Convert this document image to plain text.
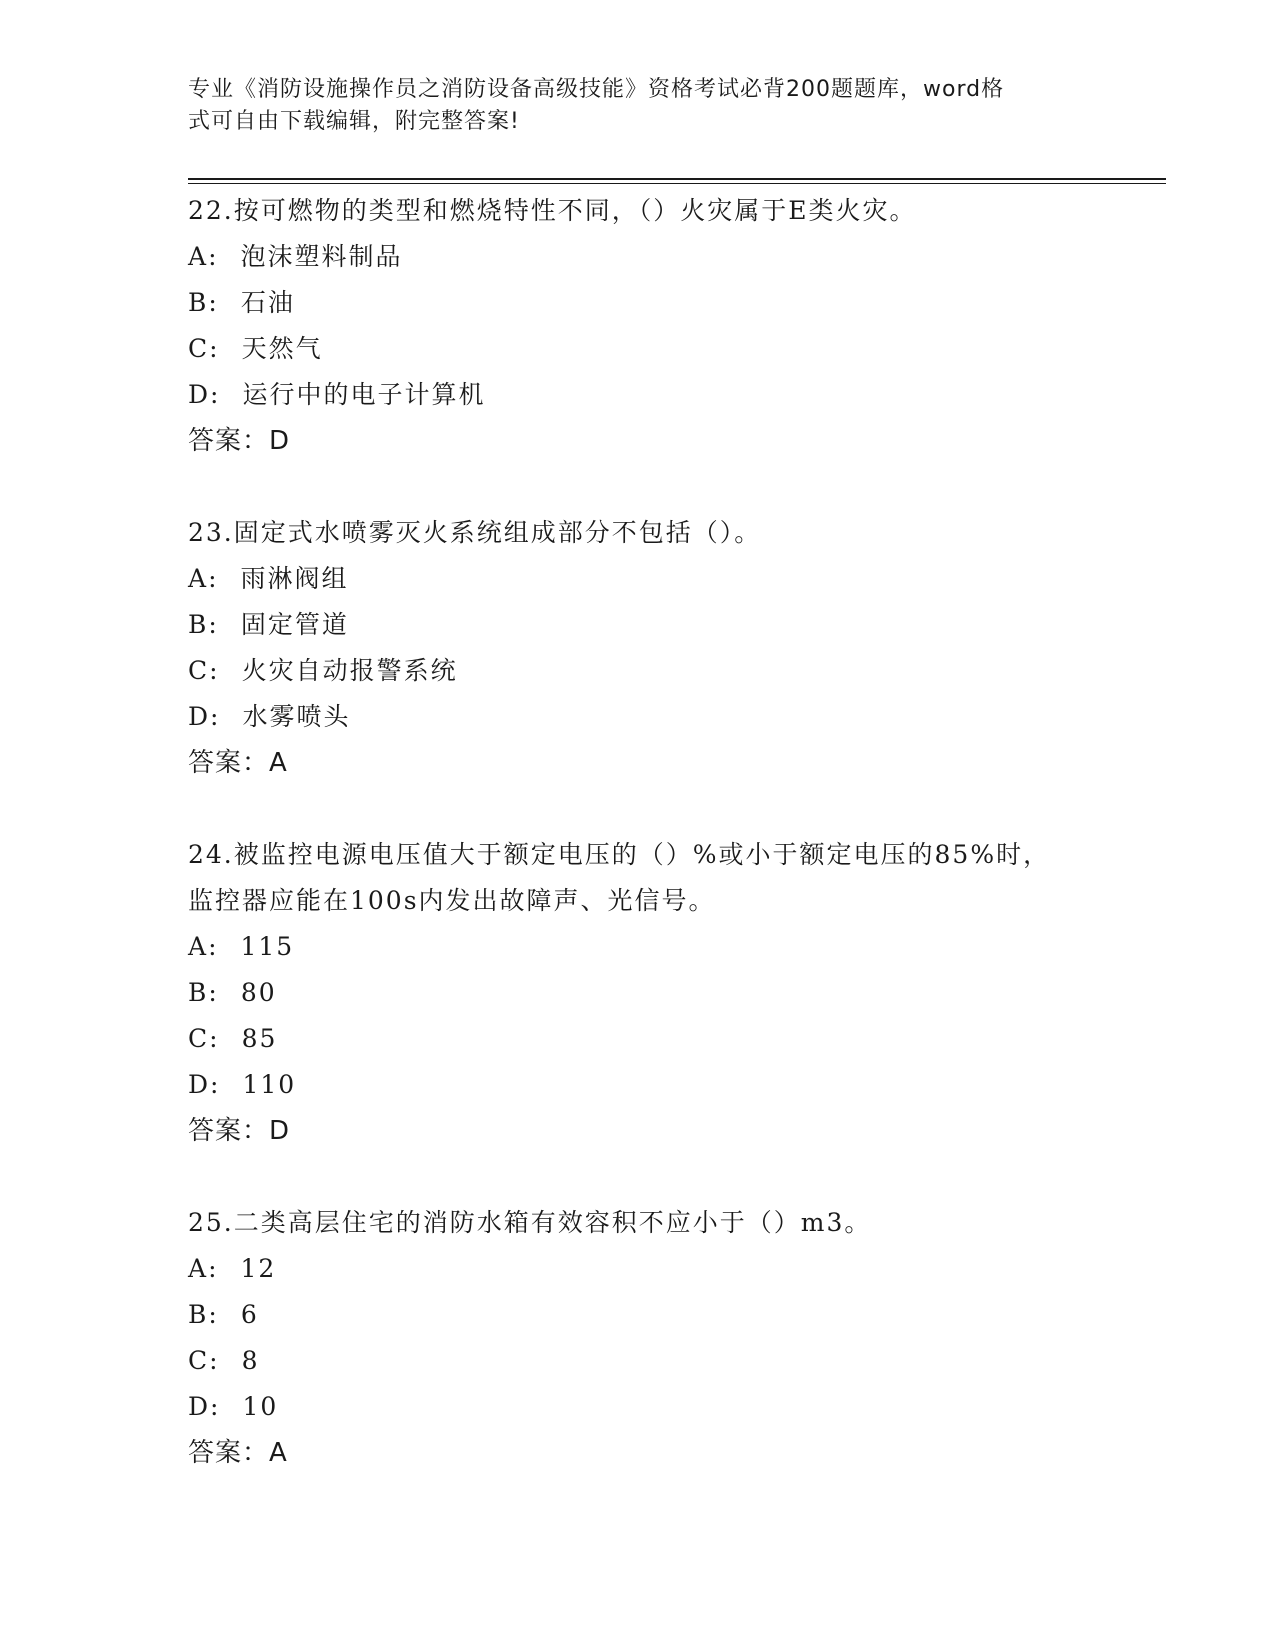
专业《消防设施操作员之消防设备高级技能》资格考试必背200题题库，word格
式可自由下载编辑，附完整答案!

22.按可燃物的类型和燃烧特性不同，（）火灾属于E类火灾。

A: 泡沫塑料制品

B: 石油

C: 天然气

D: 运行中的电子计算机

答案：D

23.固定式水喷雾灭火系统组成部分不包括（）。

A: 雨淋阀组

B: 固定管道

C: 火灾自动报警系统

D: 水雾喷头

答案：A

24.被监控电源电压值大于额定电压的（）%或小于额定电压的85%时，

监控器应能在100s内发出故障声、光信号。

A: 115

B: 80

C: 85

D: 110

答案：D

25.二类高层住宅的消防水箱有效容积不应小于（）m3。

A: 12

B: 6

C: 8

D: 10

答案：A
